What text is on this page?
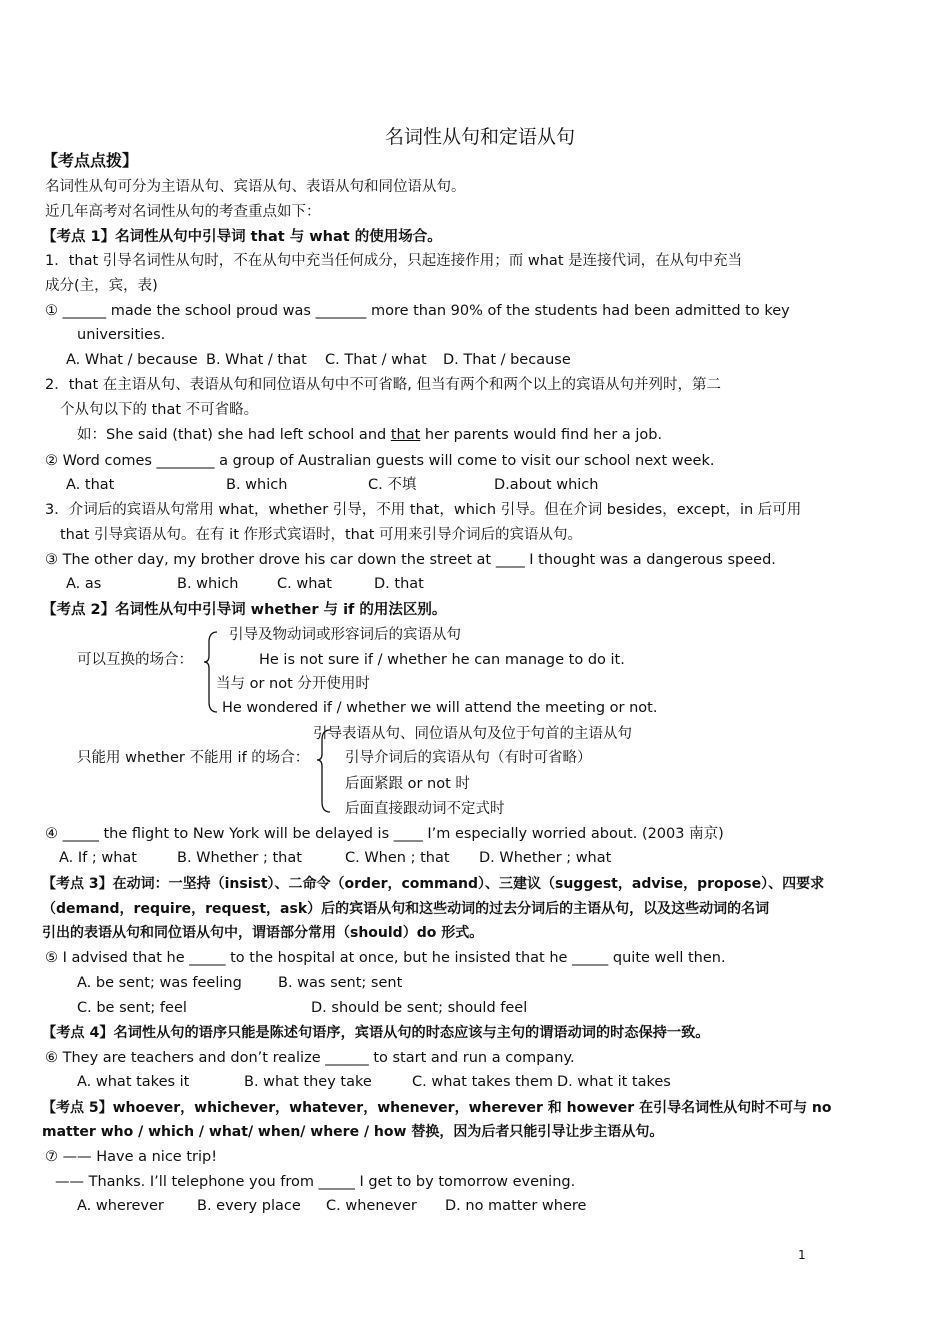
名词性从句和定语从句
【考点点拨】
名词性从句可分为主语从句、宾语从句、表语从句和同位语从句。
近几年高考对名词性从句的考查重点如下：
【考点 1】名词性从句中引导词 that 与 what 的使用场合。
1．that 引导名词性从句时，不在从句中充当任何成分，只起连接作用；而 what 是连接代词，在从句中充当
成分(主，宾，表)
① ______ made the school proud was _______ more than 90% of the students had been admitted to key
universities.
A. What / because B. What / that C. That / what D. That / because
2．that 在主语从句、表语从句和同位语从句中不可省略, 但当有两个和两个以上的宾语从句并列时，第二
个从句以下的 that 不可省略。
如：She said (that) she had left school and that her parents would find her a job.
② Word comes ________ a group of Australian guests will come to visit our school next week.
A. that	B. which	C. 不填	D.about which
3．介词后的宾语从句常用 what，whether 引导，不用 that，which 引导。但在介词 besides，except，in 后可用
that 引导宾语从句。在有 it 作形式宾语时，that 可用来引导介词后的宾语从句。
③ The other day, my brother drove his car down the street at ____ I thought was a dangerous speed.
A. as	B. which	C. what	D. that
【考点 2】名词性从句中引导词 whether 与 if 的用法区别。
可以互换的场合：
引导及物动词或形容词后的宾语从句
He is not sure if / whether he can manage to do it.
当与 or not 分开使用时
He wondered if / whether we will attend the meeting or not.
只能用 whether 不能用 if 的场合：
引导表语从句、同位语从句及位于句首的主语从句
引导介词后的宾语从句（有时可省略）
后面紧跟 or not 时
后面直接跟动词不定式时
④ _____ the flight to New York will be delayed is ____ I’m especially worried about. (2003 南京)
A. If ; what	B. Whether ; that	C. When ; that D. Whether ; what
【考点 3】在动词：一坚持（insist）、二命令（order，command）、三建议（suggest，advise，propose）、四要求
（demand，require，request，ask）后的宾语从句和这些动词的过去分词后的主语从句，以及这些动词的名词
引出的表语从句和同位语从句中，谓语部分常用（should）do 形式。
⑤ I advised that he _____ to the hospital at once, but he insisted that he _____ quite well then.
A. be sent; was feeling B. was sent; sent
C. be sent; feel	D. should be sent; should feel
【考点 4】名词性从句的语序只能是陈述句语序，宾语从句的时态应该与主句的谓语动词的时态保持一致。
⑥ They are teachers and don’t realize ______ to start and run a company.
A. what takes it	B. what they take	C. what takes them D. what it takes
【考点 5】whoever，whichever，whatever，whenever，wherever 和 however 在引导名词性从句时不可与 no
matter who / which / what/ when/ where / how 替换，因为后者只能引导让步主语从句。
⑦ —— Have a nice trip!
—— Thanks. I’ll telephone you from _____ I get to by tomorrow evening.
A. wherever B. every place C. whenever D. no matter where
1
